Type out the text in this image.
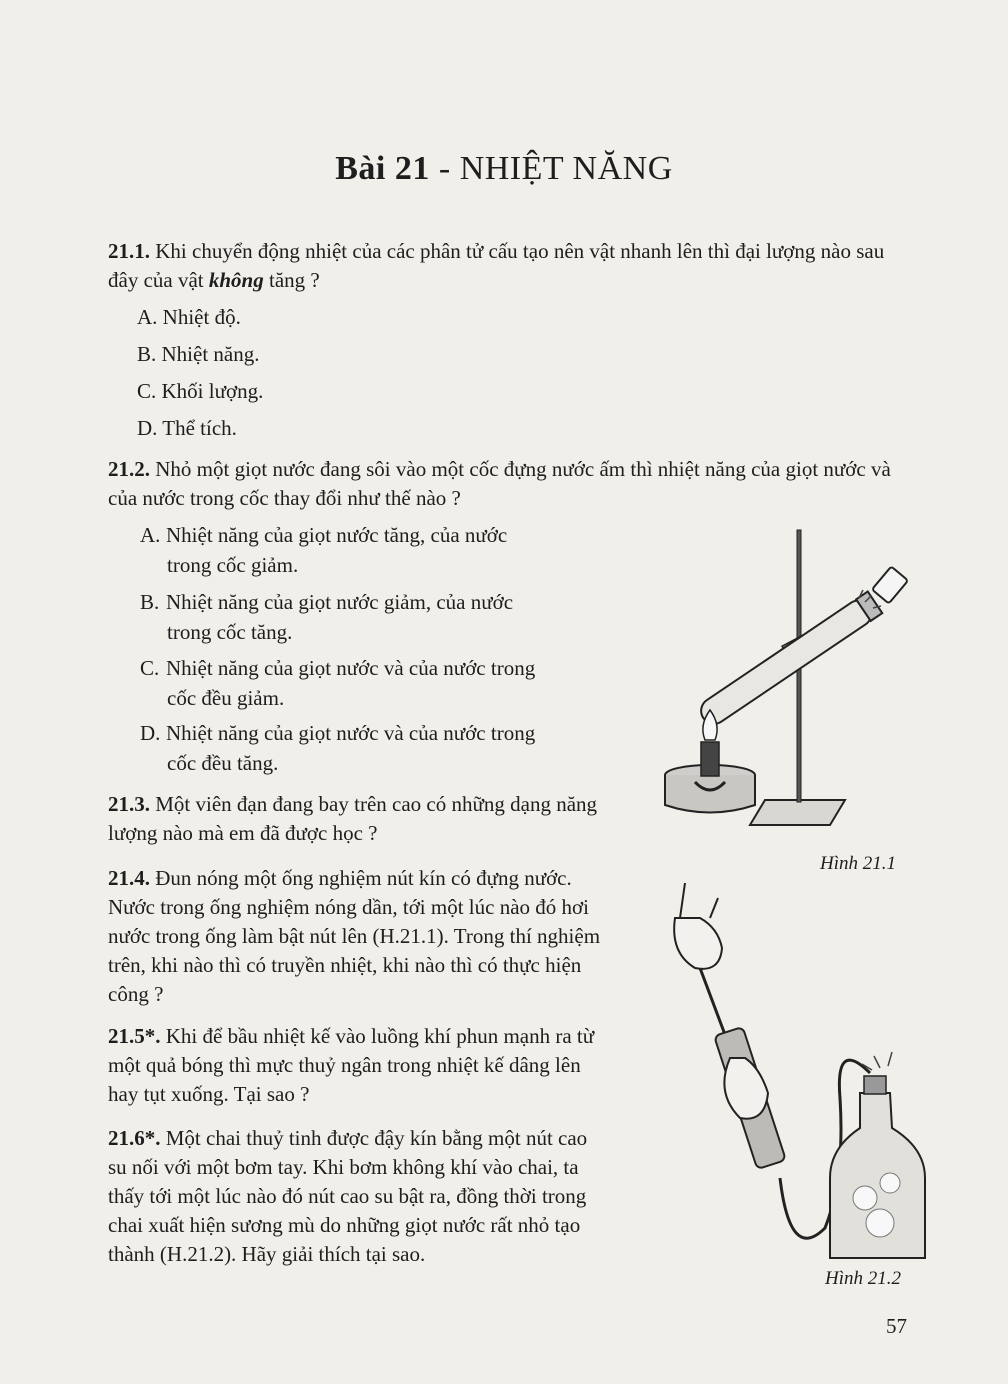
Bài 21 - NHIỆT NĂNG
21.1. Khi chuyển động nhiệt của các phân tử cấu tạo nên vật nhanh lên thì đại lượng nào sau đây của vật không tăng ?
A. Nhiệt độ.
B. Nhiệt năng.
C. Khối lượng.
D. Thể tích.
21.2. Nhỏ một giọt nước đang sôi vào một cốc đựng nước ấm thì nhiệt năng của giọt nước và của nước trong cốc thay đổi như thế nào ?
A. Nhiệt năng của giọt nước tăng, của nước
trong cốc giảm.
B. Nhiệt năng của giọt nước giảm, của nước
trong cốc tăng.
C. Nhiệt năng của giọt nước và của nước trong
cốc đều giảm.
D. Nhiệt năng của giọt nước và của nước trong
cốc đều tăng.
21.3. Một viên đạn đang bay trên cao có những dạng năng lượng nào mà em đã được học ?
21.4. Đun nóng một ống nghiệm nút kín có đựng nước. Nước trong ống nghiệm nóng dần, tới một lúc nào đó hơi nước trong ống làm bật nút lên (H.21.1). Trong thí nghiệm trên, khi nào thì có truyền nhiệt, khi nào thì có thực hiện công ?
21.5*. Khi để bầu nhiệt kế vào luồng khí phun mạnh ra từ một quả bóng thì mực thuỷ ngân trong nhiệt kế dâng lên hay tụt xuống. Tại sao ?
21.6*. Một chai thuỷ tinh được đậy kín bằng một nút cao su nối với một bơm tay. Khi bơm không khí vào chai, ta thấy tới một lúc nào đó nút cao su bật ra, đồng thời trong chai xuất hiện sương mù do những giọt nước rất nhỏ tạo thành (H.21.2). Hãy giải thích tại sao.
Hình 21.1
Hình 21.2
57
